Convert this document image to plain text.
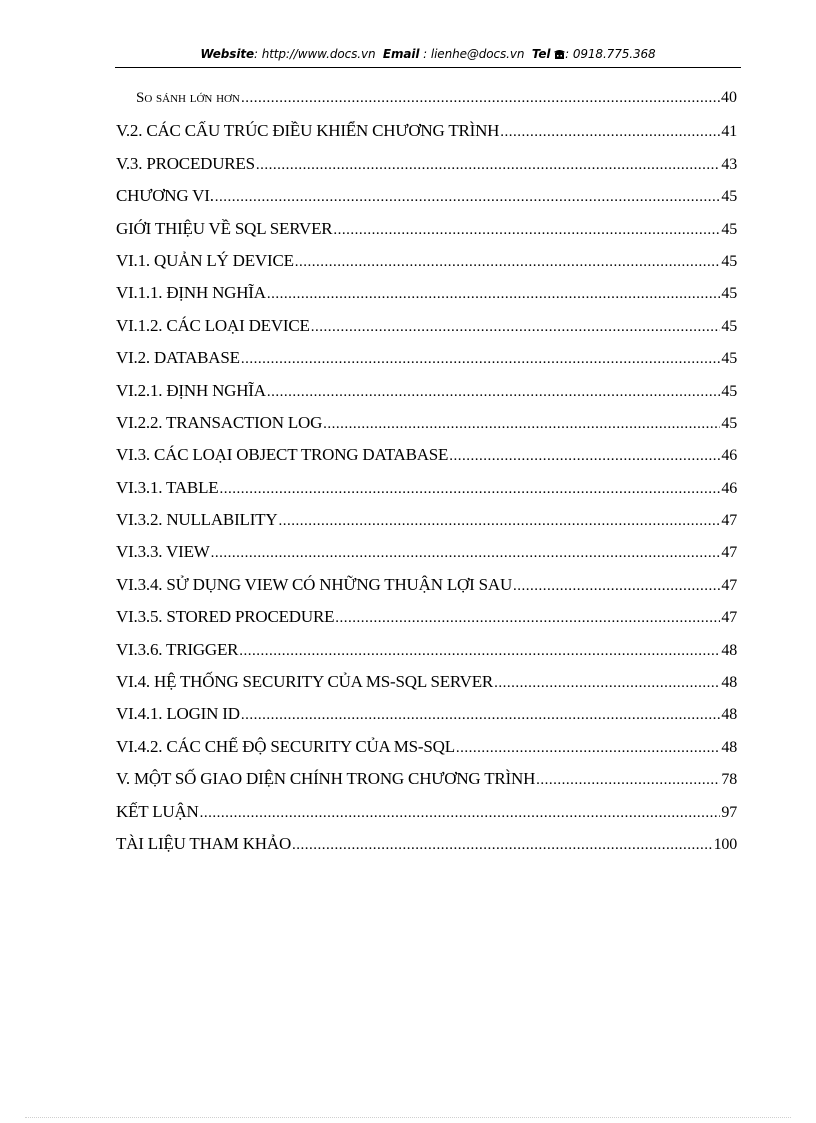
Website: http://www.docs.vn Email : lienhe@docs.vn Tel : 0918.775.368
So sánh lớn hơn .....	40
V.2. CÁC CẤU TRÚC ĐIỀU KHIỂN CHƯƠNG TRÌNH .....	41
V.3. PROCEDURES .....	43
CHƯƠNG VI. .....	45
GIỚI THIỆU VỀ SQL SERVER .....	45
VI.1. QUẢN LÝ DEVICE .....	45
VI.1.1. ĐỊNH NGHĨA .....	45
VI.1.2. CÁC LOẠI DEVICE .....	45
VI.2. DATABASE .....	45
VI.2.1. ĐỊNH NGHĨA .....	45
VI.2.2. TRANSACTION LOG .....	45
VI.3. CÁC LOẠI OBJECT TRONG DATABASE .....	46
VI.3.1. TABLE .....	46
VI.3.2. NULLABILITY .....	47
VI.3.3. VIEW .....	47
VI.3.4. SỬ DỤNG VIEW CÓ NHỮNG THUẬN LỢI SAU .....	47
VI.3.5. STORED PROCEDURE .....	47
VI.3.6. TRIGGER .....	48
VI.4. HỆ THỐNG SECURITY CỦA MS-SQL SERVER .....	48
VI.4.1. LOGIN ID .....	48
VI.4.2. CÁC CHẾ ĐỘ SECURITY CỦA MS-SQL .....	48
V. MỘT SỐ GIAO DIỆN CHÍNH TRONG CHƯƠNG TRÌNH .....	78
KẾT LUẬN .....	97
TÀI LIỆU THAM KHẢO .....	100
